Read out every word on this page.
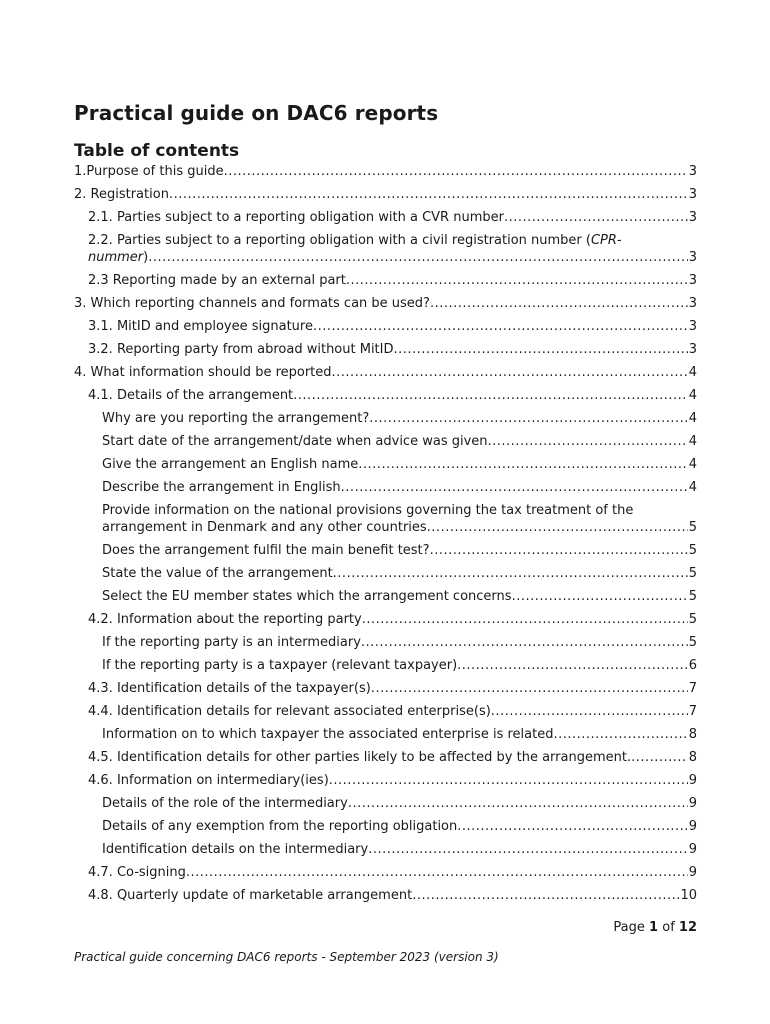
Practical guide on DAC6 reports
Table of contents
1.Purpose of this guide .....	3
2. Registration .....	3
2.1. Parties subject to a reporting obligation with a CVR number .....	3
2.2. Parties subject to a reporting obligation with a civil registration number (CPR-
nummer) .....	3
2.3 Reporting made by an external part .....	3
3. Which reporting channels and formats can be used? .....	3
3.1. MitID and employee signature .....	3
3.2. Reporting party from abroad without MitID .....	3
4. What information should be reported .....	4
4.1. Details of the arrangement .....	4
Why are you reporting the arrangement? .....	4
Start date of the arrangement/date when advice was given .....	4
Give the arrangement an English name .....	4
Describe the arrangement in English .....	4
Provide information on the national provisions governing the tax treatment of the
arrangement in Denmark and any other countries .....	5
Does the arrangement fulfil the main benefit test? .....	5
State the value of the arrangement .....	5
Select the EU member states which the arrangement concerns .....	5
4.2. Information about the reporting party .....	5
If the reporting party is an intermediary .....	5
If the reporting party is a taxpayer (relevant taxpayer) .....	6
4.3. Identification details of the taxpayer(s) .....	7
4.4. Identification details for relevant associated enterprise(s) .....	7
Information on to which taxpayer the associated enterprise is related .....	8
4.5. Identification details for other parties likely to be affected by the arrangement. .....	8
4.6. Information on intermediary(ies) .....	9
Details of the role of the intermediary .....	9
Details of any exemption from the reporting obligation .....	9
Identification details on the intermediary .....	9
4.7. Co-signing .....	9
4.8. Quarterly update of marketable arrangement .....	10
Page 1 of 12
Practical guide concerning DAC6 reports - September 2023 (version 3)
